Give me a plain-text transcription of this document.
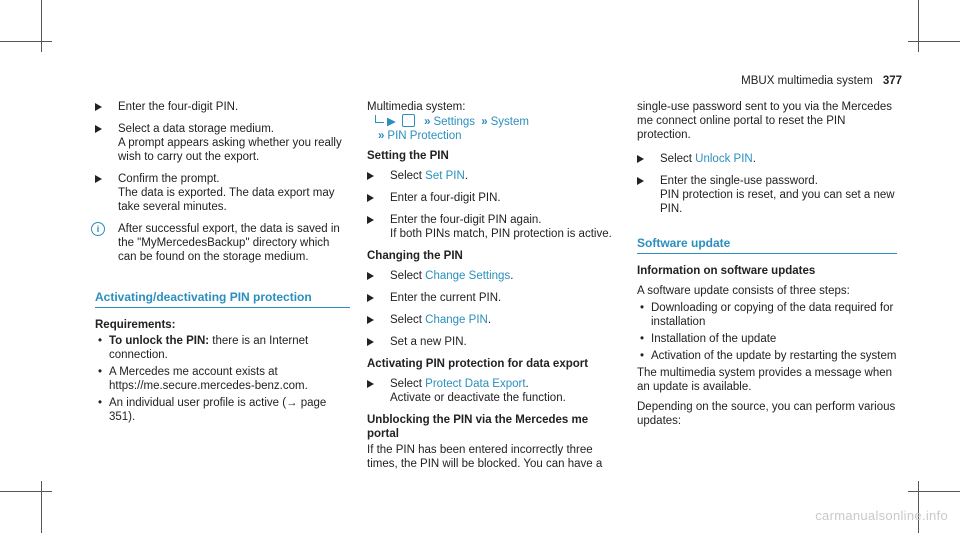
MBUX multimedia system 377
Enter the four-digit PIN.
Select a data storage medium.
A prompt appears asking whether you really wish to carry out the export.
Confirm the prompt.
The data is exported. The data export may take several minutes.
i	After successful export, the data is saved in the "MyMercedesBackup" directory which can be found on the storage medium.
Activating/deactivating PIN protection
Requirements:
• To unlock the PIN: there is an Internet connection.
• A Mercedes me account exists at https://me.secure.mercedes-benz.com.
• An individual user profile is active (→ page 351).

Multimedia system:

▶ » Settings » System
» PIN Protection
Setting the PIN
Select Set PIN.
Enter a four-digit PIN.
Enter the four-digit PIN again.
If both PINs match, PIN protection is active.
Changing the PIN
Select Change Settings.
Enter the current PIN.
Select Change PIN.
Set a new PIN.
Activating PIN protection for data export
Select Protect Data Export.
Activate or deactivate the function.
Unblocking the PIN via the Mercedes me portal

If the PIN has been entered incorrectly three times, the PIN will be blocked. You can have a

single-use password sent to you via the Mercedes me connect online portal to reset the PIN protection.

Select Unlock PIN.
Enter the single-use password.
PIN protection is reset, and you can set a new PIN.
Software update
Information on software updates

A software update consists of three steps:

• Downloading or copying of the data required for installation
• Installation of the update
• Activation of the update by restarting the system

The multimedia system provides a message when an update is available.

Depending on the source, you can perform various updates:

carmanualsonline.info
